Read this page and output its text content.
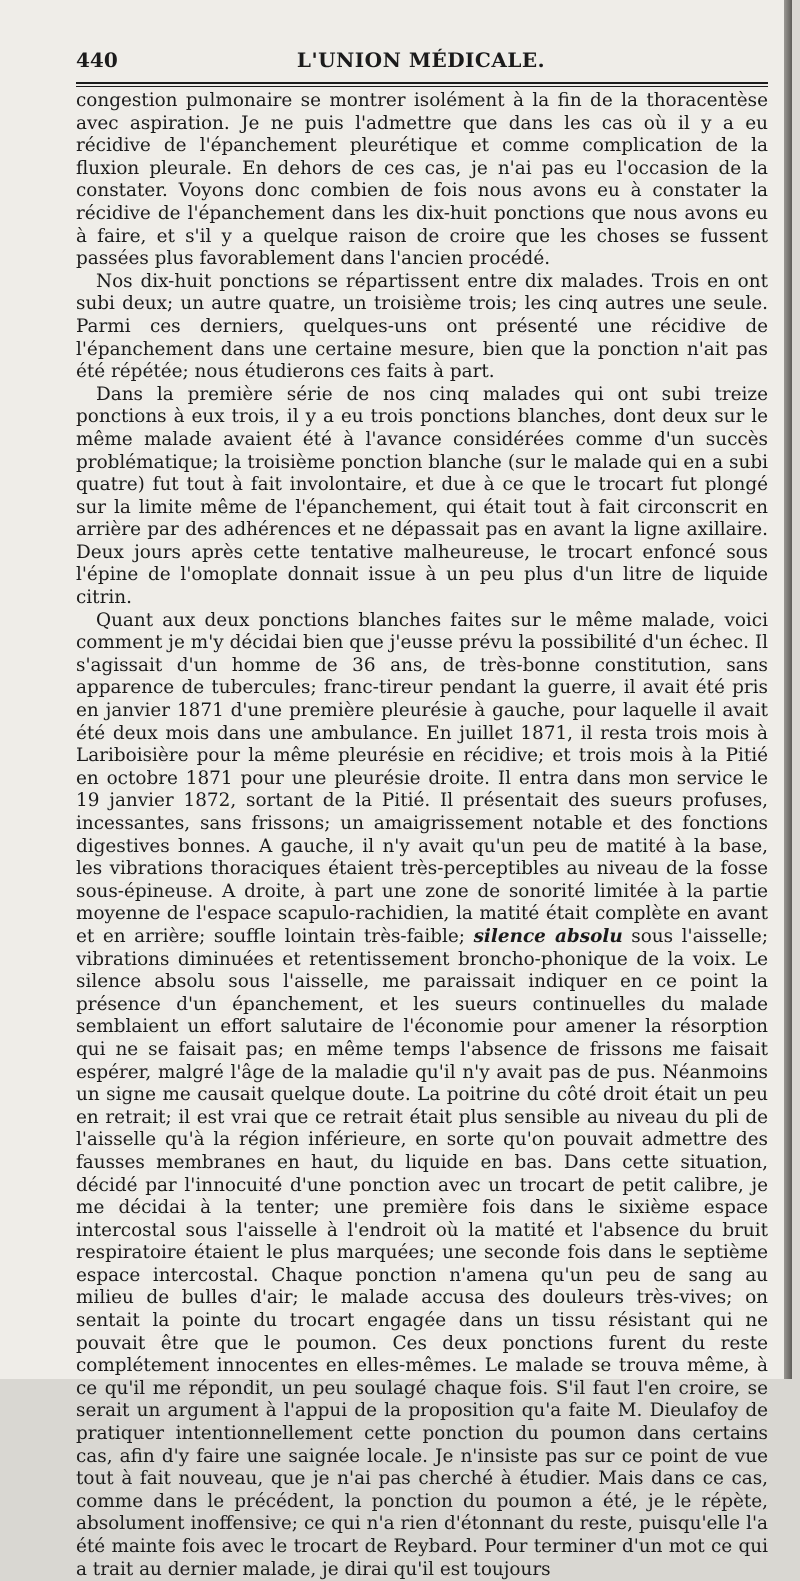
L'UNION MÉDICALE.
440

congestion pulmonaire se montrer isolément à la fin de la thoracentèse avec aspiration. Je ne puis l'admettre que dans les cas où il y a eu récidive de l'épanchement pleurétique et comme complication de la fluxion pleurale. En dehors de ces cas, je n'ai pas eu l'occasion de la constater. Voyons donc combien de fois nous avons eu à constater la récidive de l'épanchement dans les dix-huit ponctions que nous avons eu à faire, et s'il y a quelque raison de croire que les choses se fussent passées plus favorablement dans l'ancien procédé.

Nos dix-huit ponctions se répartissent entre dix malades. Trois en ont subi deux; un autre quatre, un troisième trois; les cinq autres une seule. Parmi ces derniers, quelques-uns ont présenté une récidive de l'épanchement dans une certaine mesure, bien que la ponction n'ait pas été répétée; nous étudierons ces faits à part.

Dans la première série de nos cinq malades qui ont subi treize ponctions à eux trois, il y a eu trois ponctions blanches, dont deux sur le même malade avaient été à l'avance considérées comme d'un succès problématique; la troisième ponction blanche (sur le malade qui en a subi quatre) fut tout à fait involontaire, et due à ce que le trocart fut plongé sur la limite même de l'épanchement, qui était tout à fait circonscrit en arrière par des adhérences et ne dépassait pas en avant la ligne axillaire. Deux jours après cette tentative malheureuse, le trocart enfoncé sous l'épine de l'omoplate donnait issue à un peu plus d'un litre de liquide citrin.

Quant aux deux ponctions blanches faites sur le même malade, voici comment je m'y décidai bien que j'eusse prévu la possibilité d'un échec. Il s'agissait d'un homme de 36 ans, de très-bonne constitution, sans apparence de tubercules; franc-tireur pendant la guerre, il avait été pris en janvier 1871 d'une première pleurésie à gauche, pour laquelle il avait été deux mois dans une ambulance. En juillet 1871, il resta trois mois à Lariboisière pour la même pleurésie en récidive; et trois mois à la Pitié en octobre 1871 pour une pleurésie droite. Il entra dans mon service le 19 janvier 1872, sortant de la Pitié. Il présentait des sueurs profuses, incessantes, sans frissons; un amaigrissement notable et des fonctions digestives bonnes. A gauche, il n'y avait qu'un peu de matité à la base, les vibrations thoraciques étaient très-perceptibles au niveau de la fosse sous-épineuse. A droite, à part une zone de sonorité limitée à la partie moyenne de l'espace scapulo-rachidien, la matité était complète en avant et en arrière; souffle lointain très-faible; silence absolu sous l'aisselle; vibrations diminuées et retentissement broncho-phonique de la voix. Le silence absolu sous l'aisselle, me paraissait indiquer en ce point la présence d'un épanchement, et les sueurs continuelles du malade semblaient un effort salutaire de l'économie pour amener la résorption qui ne se faisait pas; en même temps l'absence de frissons me faisait espérer, malgré l'âge de la maladie qu'il n'y avait pas de pus. Néanmoins un signe me causait quelque doute. La poitrine du côté droit était un peu en retrait; il est vrai que ce retrait était plus sensible au niveau du pli de l'aisselle qu'à la région inférieure, en sorte qu'on pouvait admettre des fausses membranes en haut, du liquide en bas. Dans cette situation, décidé par l'innocuité d'une ponction avec un trocart de petit calibre, je me décidai à la tenter; une première fois dans le sixième espace intercostal sous l'aisselle à l'endroit où la matité et l'absence du bruit respiratoire étaient le plus marquées; une seconde fois dans le septième espace intercostal. Chaque ponction n'amena qu'un peu de sang au milieu de bulles d'air; le malade accusa des douleurs très-vives; on sentait la pointe du trocart engagée dans un tissu résistant qui ne pouvait être que le poumon. Ces deux ponctions furent du reste complétement innocentes en elles-mêmes. Le malade se trouva même, à ce qu'il me répondit, un peu soulagé chaque fois. S'il faut l'en croire, se serait un argument à l'appui de la proposition qu'a faite M. Dieulafoy de pratiquer intentionnellement cette ponction du poumon dans certains cas, afin d'y faire une saignée locale. Je n'insiste pas sur ce point de vue tout à fait nouveau, que je n'ai pas cherché à étudier. Mais dans ce cas, comme dans le précédent, la ponction du poumon a été, je le répète, absolument inoffensive; ce qui n'a rien d'étonnant du reste, puisqu'elle l'a été mainte fois avec le trocart de Reybard. Pour terminer d'un mot ce qui a trait au dernier malade, je dirai qu'il est toujours
